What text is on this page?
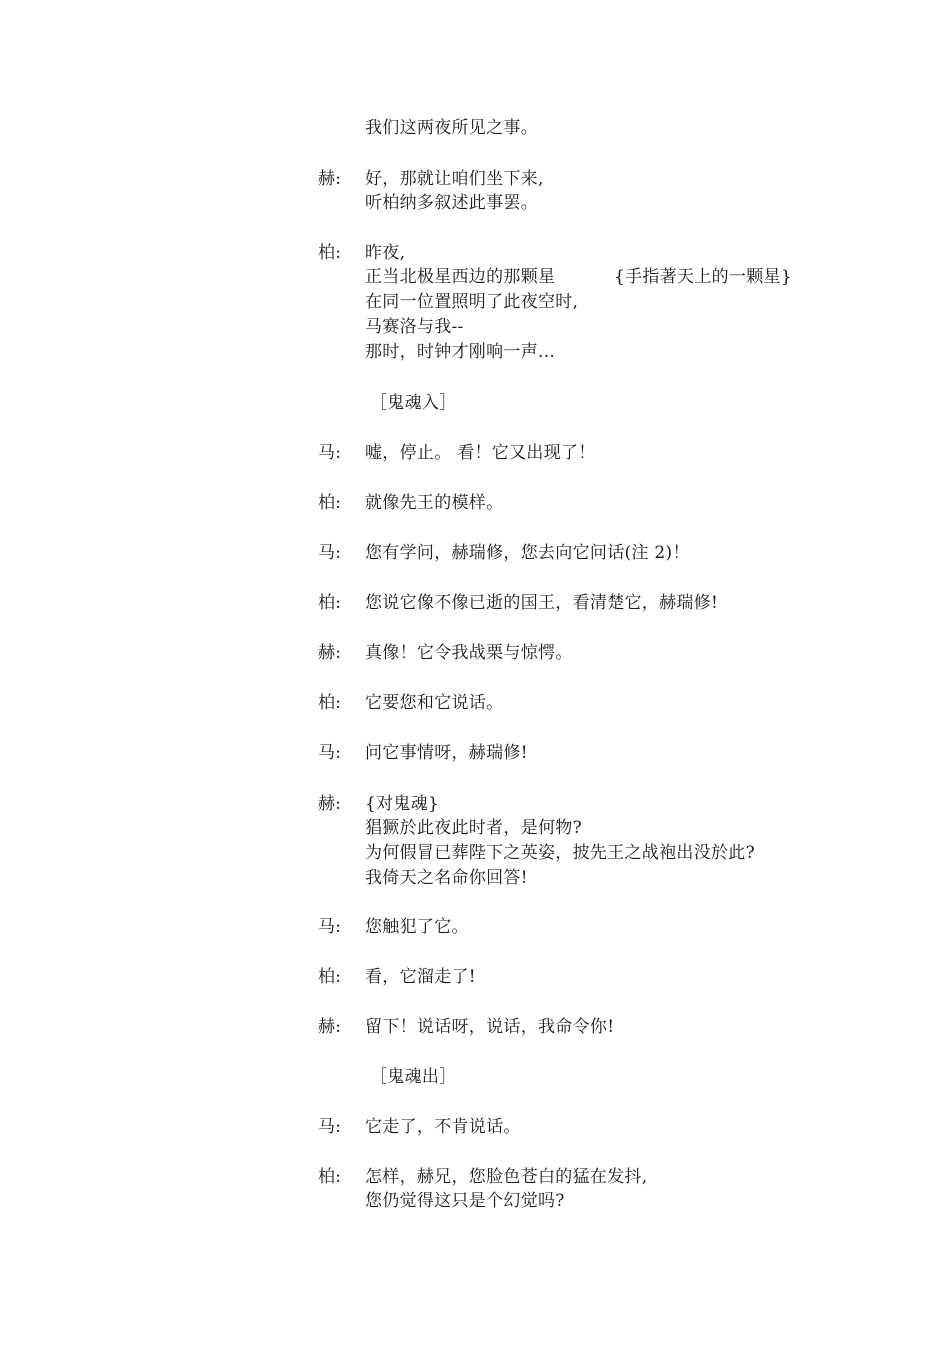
我们这两夜所见之事。
赫: 好，那就让咱们坐下来,
听柏纳多叙述此事罢。
柏: 昨夜,
正当北极星西边的那颗星	{手指著天上的一颗星}
在同一位置照明了此夜空时,
马赛洛与我--
那时，时钟才刚响一声...
［鬼魂入］
马: 嘘，停止。 看！它又出现了！
柏: 就像先王的模样。
马: 您有学问，赫瑞修，您去向它问话(注 2)！
柏: 您说它像不像已逝的国王，看清楚它，赫瑞修!
赫: 真像！它令我战栗与惊愕。
柏: 它要您和它说话。
马: 问它事情呀，赫瑞修!
赫: {对鬼魂}
猖獗於此夜此时者，是何物?
为何假冒已葬陛下之英姿，披先王之战袍出没於此?
我倚天之名命你回答!
马: 您触犯了它。
柏: 看，它溜走了!
赫: 留下！说话呀，说话，我命令你!
［鬼魂出］
马: 它走了，不肯说话。
柏: 怎样，赫兄，您脸色苍白的猛在发抖,
您仍觉得这只是个幻觉吗?
